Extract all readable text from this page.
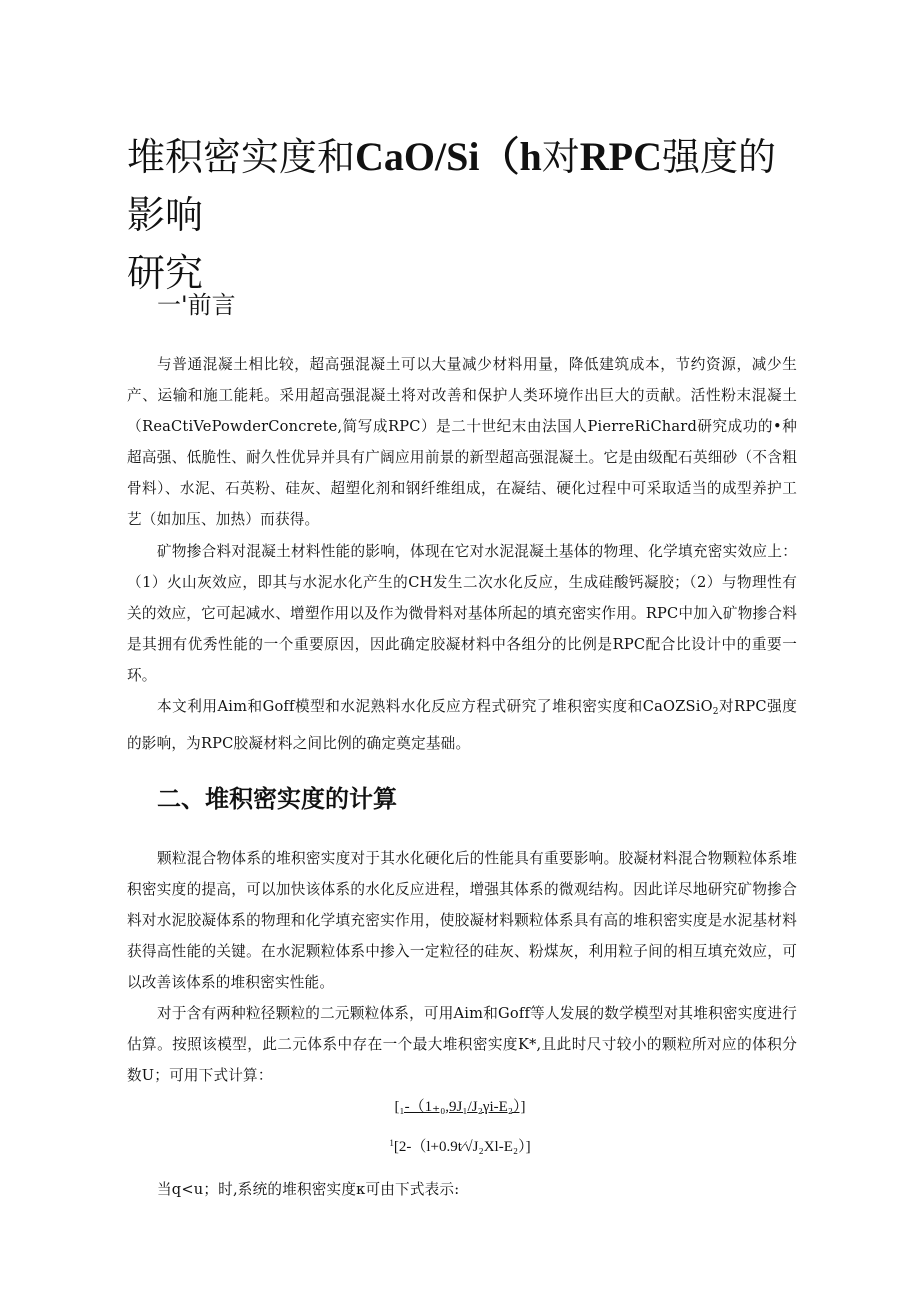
堆积密实度和CaO/Si（h对RPC强度的影响
研究
一'前言

与普通混凝土相比较，超高强混凝土可以大量减少材料用量，降低建筑成本，节约资源，减少生产、运输和施工能耗。采用超高强混凝土将对改善和保护人类环境作出巨大的贡献。活性粉末混凝土（ReaCtiVePowderConcrete,简写成RPC）是二十世纪末由法国人PierreRiChard研究成功的•种超高强、低脆性、耐久性优异并具有广阔应用前景的新型超高强混凝土。它是由级配石英细砂（不含粗骨料）、水泥、石英粉、硅灰、超塑化剂和钢纤维组成，在凝结、硬化过程中可采取适当的成型养护工艺（如加压、加热）而获得。

矿物掺合料对混凝土材料性能的影响，体现在它对水泥混凝土基体的物理、化学填充密实效应上：（1）火山灰效应，即其与水泥水化产生的CH发生二次水化反应，生成硅酸钙凝胶；（2）与物理性有关的效应，它可起减水、增塑作用以及作为微骨料对基体所起的填充密实作用。RPC中加入矿物掺合料是其拥有优秀性能的一个重要原因，因此确定胶凝材料中各组分的比例是RPC配合比设计中的重要一环。

本文利用Aim和Goff模型和水泥熟料水化反应方程式研究了堆积密实度和CaOZSiO$_2$对RPC强度的影响，为RPC胶凝材料之间比例的确定奠定基础。

二、堆积密实度的计算

颗粒混合物体系的堆积密实度对于其水化硬化后的性能具有重要影响。胶凝材料混合物颗粒体系堆积密实度的提高，可以加快该体系的水化反应进程，增强其体系的微观结构。因此详尽地研究矿物掺合料对水泥胶凝体系的物理和化学填充密实作用，使胶凝材料颗粒体系具有高的堆积密实度是水泥基材料获得高性能的关键。在水泥颗粒体系中掺入一定粒径的硅灰、粉煤灰，利用粒子间的相互填充效应，可以改善该体系的堆积密实性能。

对于含有两种粒径颗粒的二元颗粒体系，可用Aim和Goff等人发展的数学模型对其堆积密实度进行估算。按照该模型，此二元体系中存在一个最大堆积密实度K*,且此时尺寸较小的颗粒所对应的体积分数U；可用下式计算：

[₁-（1₊₀,9J₁/J₂γi-E₂）]
$^1$[2-（l+0.9t⁄√J₂Xl-E₂）]

当q<u；时,系统的堆积密实度κ可由下式表示:
